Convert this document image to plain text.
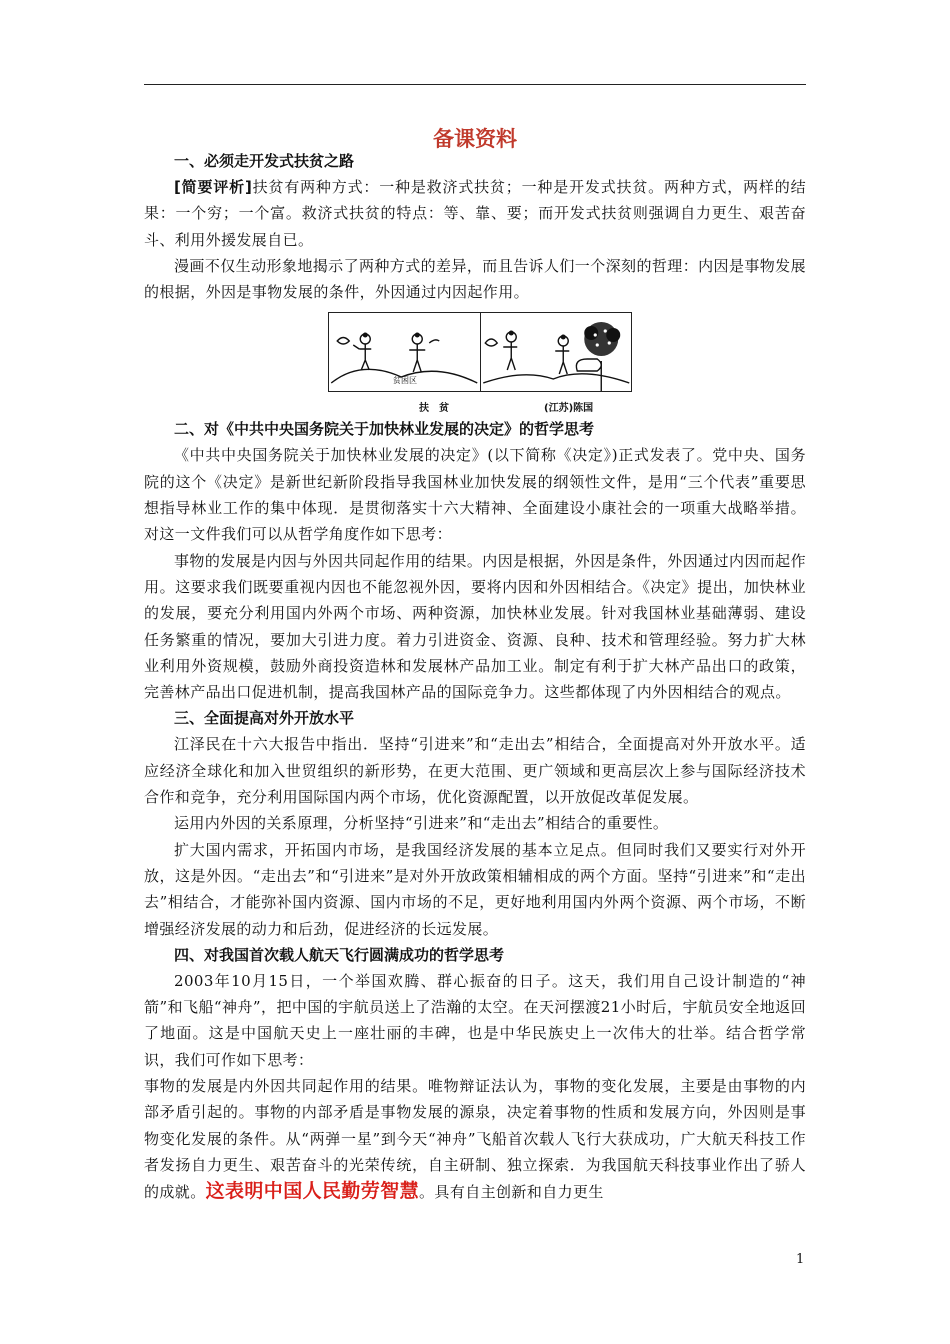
备课资料
一、必须走开发式扶贫之路

[简要评析]扶贫有两种方式：一种是救济式扶贫；一种是开发式扶贫。两种方式，两样的结果：一个穷；一个富。救济式扶贫的特点：等、靠、要；而开发式扶贫则强调自力更生、艰苦奋斗、利用外援发展自已。

漫画不仅生动形象地揭示了两种方式的差异，而且告诉人们一个深刻的哲理：内因是事物发展的根据，外因是事物发展的条件，外因通过内因起作用。

贫困区
扶贫	(江苏)陈国
二、对《中共中央国务院关于加快林业发展的决定》的哲学思考

《中共中央国务院关于加快林业发展的决定》(以下简称《决定》)正式发表了。党中央、国务院的这个《决定》是新世纪新阶段指导我国林业加快发展的纲领性文件，是用“三个代表”重要思想指导林业工作的集中体现．是贯彻落实十六大精神、全面建设小康社会的一项重大战略举措。对这一文件我们可以从哲学角度作如下思考：

事物的发展是内因与外因共同起作用的结果。内因是根据，外因是条件，外因通过内因而起作用。这要求我们既要重视内因也不能忽视外因，要将内因和外因相结合。《决定》提出，加快林业的发展，要充分利用国内外两个市场、两种资源，加快林业发展。针对我国林业基础薄弱、建设任务繁重的情况，要加大引进力度。着力引进资金、资源、良种、技术和管理经验。努力扩大林业利用外资规模，鼓励外商投资造林和发展林产品加工业。制定有利于扩大林产品出口的政策，完善林产品出口促进机制，提高我国林产品的国际竞争力。这些都体现了内外因相结合的观点。

三、全面提高对外开放水平

江泽民在十六大报告中指出．坚持“引进来”和“走出去”相结合，全面提高对外开放水平。适应经济全球化和加入世贸组织的新形势，在更大范围、更广领域和更高层次上参与国际经济技术合作和竞争，充分利用国际国内两个市场，优化资源配置，以开放促改革促发展。

运用内外因的关系原理，分析坚持“引进来”和“走出去”相结合的重要性。

扩大国内需求，开拓国内市场，是我国经济发展的基本立足点。但同时我们又要实行对外开放，这是外因。“走出去”和“引进来”是对外开放政策相辅相成的两个方面。坚持“引进来”和“走出去”相结合，才能弥补国内资源、国内市场的不足，更好地利用国内外两个资源、两个市场，不断增强经济发展的动力和后劲，促进经济的长远发展。

四、对我国首次载人航天飞行圆满成功的哲学思考

2003年10月15日，一个举国欢腾、群心振奋的日子。这天，我们用自己设计制造的“神箭”和飞船“神舟”，把中国的宇航员送上了浩瀚的太空。在天河摆渡21小时后，宇航员安全地返回了地面。这是中国航天史上一座壮丽的丰碑，也是中华民族史上一次伟大的壮举。结合哲学常识，我们可作如下思考：

事物的发展是内外因共同起作用的结果。唯物辩证法认为，事物的变化发展，主要是由事物的内部矛盾引起的。事物的内部矛盾是事物发展的源泉，决定着事物的性质和发展方向，外因则是事物变化发展的条件。从“两弹一星”到今天“神舟”飞船首次载人飞行大获成功，广大航天科技工作者发扬自力更生、艰苦奋斗的光荣传统，自主研制、独立探索．为我国航天科技事业作出了骄人的成就。这表明中国人民勤劳智慧。具有自主创新和自力更生

1
